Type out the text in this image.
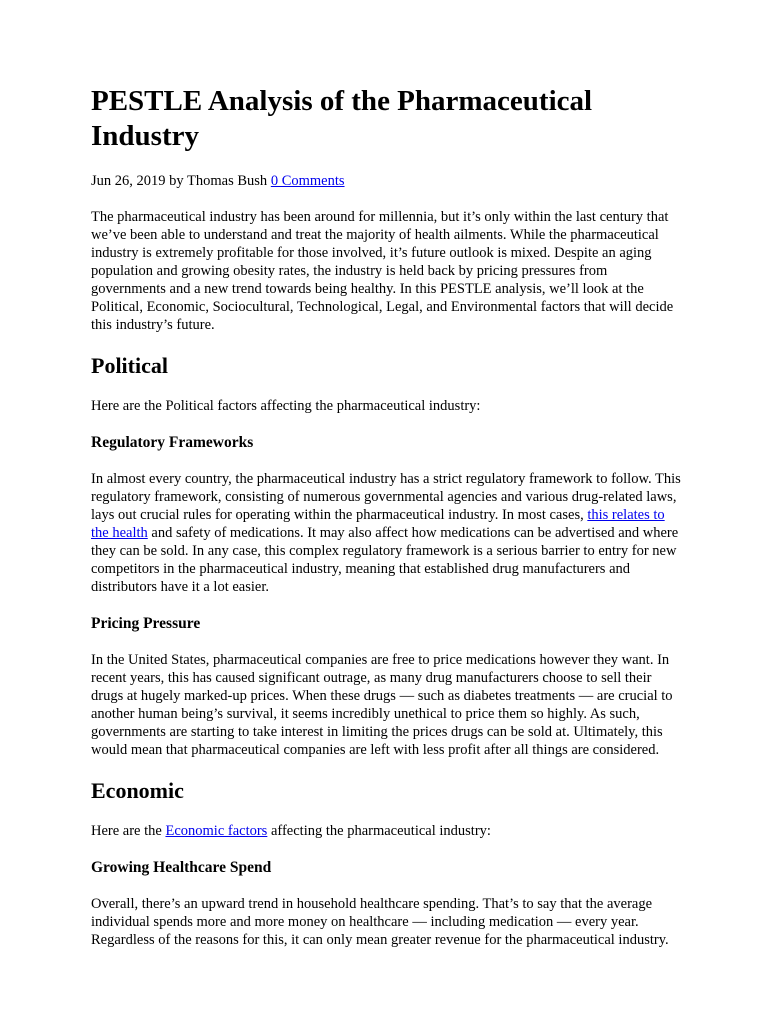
PESTLE Analysis of the Pharmaceutical Industry
Jun 26, 2019 by Thomas Bush 0 Comments

The pharmaceutical industry has been around for millennia, but it’s only within the last century that we’ve been able to understand and treat the majority of health ailments. While the pharmaceutical industry is extremely profitable for those involved, it’s future outlook is mixed. Despite an aging population and growing obesity rates, the industry is held back by pricing pressures from governments and a new trend towards being healthy. In this PESTLE analysis, we’ll look at the Political, Economic, Sociocultural, Technological, Legal, and Environmental factors that will decide this industry’s future.

Political

Here are the Political factors affecting the pharmaceutical industry:

Regulatory Frameworks

In almost every country, the pharmaceutical industry has a strict regulatory framework to follow. This regulatory framework, consisting of numerous governmental agencies and various drug-related laws, lays out crucial rules for operating within the pharmaceutical industry. In most cases, this relates to the health and safety of medications. It may also affect how medications can be advertised and where they can be sold. In any case, this complex regulatory framework is a serious barrier to entry for new competitors in the pharmaceutical industry, meaning that established drug manufacturers and distributors have it a lot easier.

Pricing Pressure

In the United States, pharmaceutical companies are free to price medications however they want. In recent years, this has caused significant outrage, as many drug manufacturers choose to sell their drugs at hugely marked-up prices. When these drugs — such as diabetes treatments — are crucial to another human being’s survival, it seems incredibly unethical to price them so highly. As such, governments are starting to take interest in limiting the prices drugs can be sold at. Ultimately, this would mean that pharmaceutical companies are left with less profit after all things are considered.

Economic

Here are the Economic factors affecting the pharmaceutical industry:

Growing Healthcare Spend

Overall, there’s an upward trend in household healthcare spending. That’s to say that the average individual spends more and more money on healthcare — including medication — every year. Regardless of the reasons for this, it can only mean greater revenue for the pharmaceutical industry.
